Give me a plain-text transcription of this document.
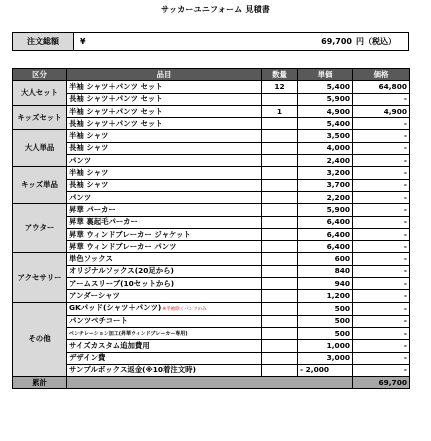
サッカーユニフォーム 見積書
注文総額	¥	69,700 円（税込）
区分	品目	数量	単価	価格
大人セット	半袖 シャツ＋パンツ セット	12	5,400	64,800
	長袖 シャツ＋パンツ セット		5,900	-
キッズセット	半袖 シャツ＋パンツ セット	1	4,900	4,900
	長袖 シャツ＋パンツ セット		5,400	-
大人単品	半袖 シャツ		3,500	-
	長袖 シャツ		4,000	-
	パンツ		2,400	-
キッズ単品	半袖 シャツ		3,200	-
	長袖 シャツ		3,700	-
	パンツ		2,200	-
アウター	昇華 パーカー		5,900	-
	昇華 裏起毛パーカー		6,400	-
	昇華 ウィンドブレーカー ジャケット		6,400	-
	昇華 ウィンドブレーカー パンツ		6,400	-
アクセサリー	単色ソックス		600	-
	オリジナルソックス(20足から)		840	-
	アームスリーブ(10セットから)		940	-
	アンダーシャツ		1,200	-
その他	GKパッド(シャツ＋パンツ)※半袖除くパンツのみ		500	-
	パンツペチコート		500	-
	ベンチレーション加工(昇華ウィンドブレーカー専用)		500	-
	サイズカスタム追加費用		1,000	-
	デザイン費		3,000	-
	サンプルボックス返金(※10着注文時)		- 2,000	-
累計				69,700
